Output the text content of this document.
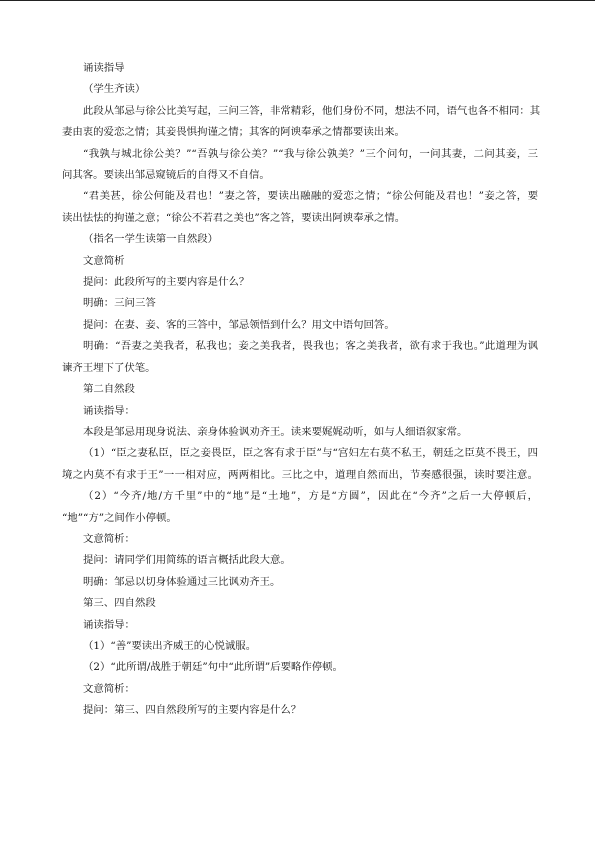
诵读指导
（学生齐读）
此段从邹忌与徐公比美写起，三问三答，非常精彩，他们身份不同，想法不同，语气也各不相同：其
妻由衷的爱恋之情；其妾畏惧拘谨之情；其客的阿谀奉承之情都要读出来。
“我孰与城北徐公美？”“吾孰与徐公美？”“我与徐公孰美？”三个问句，一问其妻，二问其妾，三
问其客。要读出邹忌窥镜后的自得又不自信。
“君美甚，徐公何能及君也！”妻之答，要读出融融的爱恋之情；“徐公何能及君也！”妾之答，要
读出怯怯的拘谨之意；“徐公不若君之美也”客之答，要读出阿谀奉承之情。
（指名一学生读第一自然段）
文意简析
提问：此段所写的主要内容是什么？
明确：三问三答
提问：在妻、妾、客的三答中，邹忌领悟到什么？用文中语句回答。
明确：“吾妻之美我者，私我也；妾之美我者，畏我也；客之美我者，欲有求于我也。”此道理为讽
谏齐王埋下了伏笔。
第二自然段
诵读指导：
本段是邹忌用现身说法、亲身体验讽劝齐王。读来要娓娓动听，如与人细语叙家常。
（1）“臣之妻私臣，臣之妾畏臣，臣之客有求于臣”与“宫妇左右莫不私王，朝廷之臣莫不畏王，四
境之内莫不有求于王”一一相对应，两两相比。三比之中，道理自然而出，节奏感很强，读时要注意。
（2）“今齐/地/方千里”中的“地”是“土地”，方是“方圆”，因此在“今齐”之后一大停顿后，
“地”“方”之间作小停顿。
文意简析：
提问：请同学们用简练的语言概括此段大意。
明确：邹忌以切身体验通过三比讽劝齐王。
第三、四自然段
诵读指导：
（1）“善”要读出齐威王的心悦诚服。
（2）“此所谓/战胜于朝廷”句中“此所谓”后要略作停顿。
文意简析：
提问：第三、四自然段所写的主要内容是什么？
